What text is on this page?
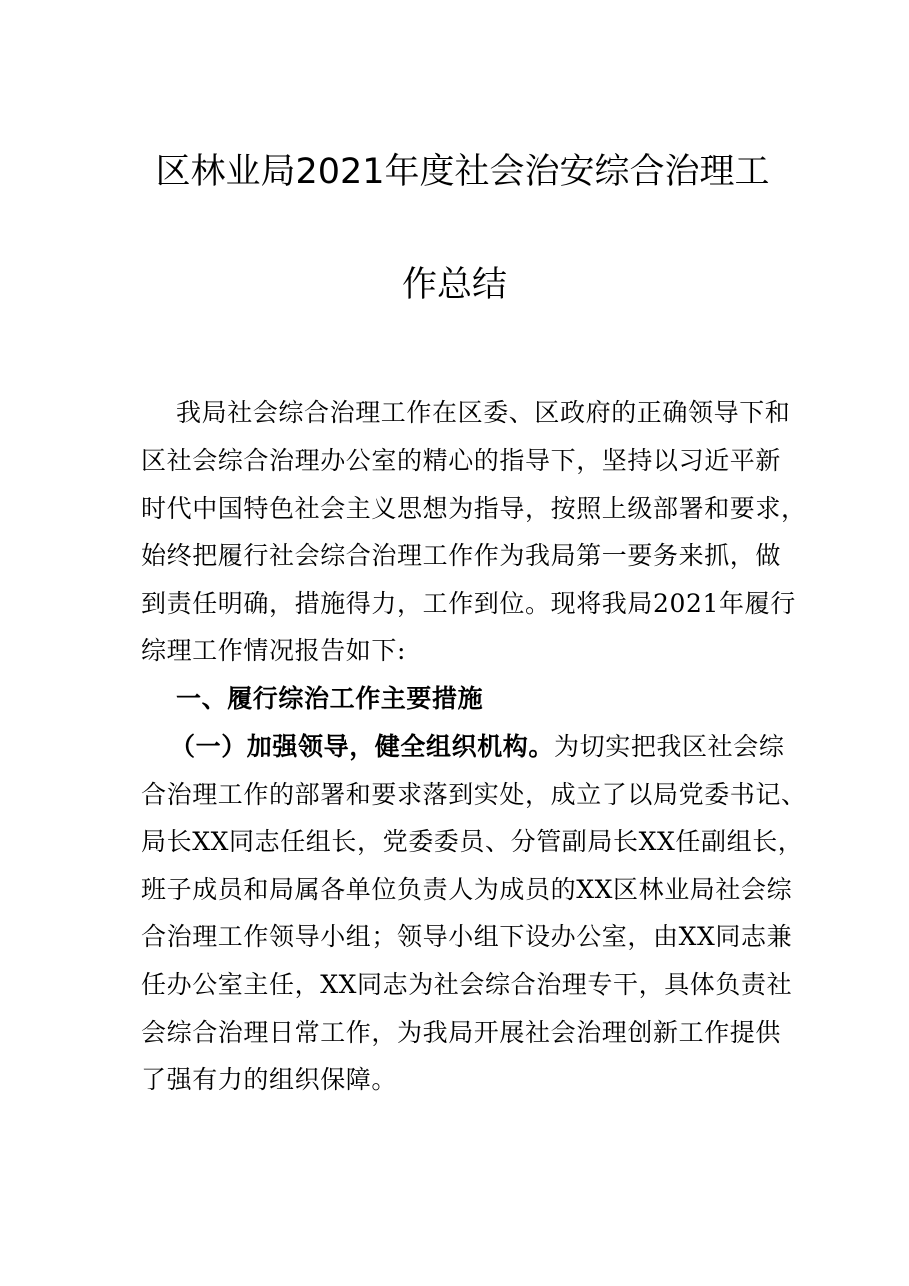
区林业局2021年度社会治安综合治理工
作总结
我局社会综合治理工作在区委、区政府的正确领导下和
区社会综合治理办公室的精心的指导下，坚持以习近平新
时代中国特色社会主义思想为指导，按照上级部署和要求，
始终把履行社会综合治理工作作为我局第一要务来抓，做
到责任明确，措施得力，工作到位。现将我局2021年履行
综理工作情况报告如下:
一、履行综治工作主要措施
（一）加强领导，健全组织机构。为切实把我区社会综
合治理工作的部署和要求落到实处，成立了以局党委书记、
局长XX同志任组长，党委委员、分管副局长XX任副组长，
班子成员和局属各单位负责人为成员的XX区林业局社会综
合治理工作领导小组；领导小组下设办公室，由XX同志兼
任办公室主任，XX同志为社会综合治理专干，具体负责社
会综合治理日常工作，为我局开展社会治理创新工作提供
了强有力的组织保障。
